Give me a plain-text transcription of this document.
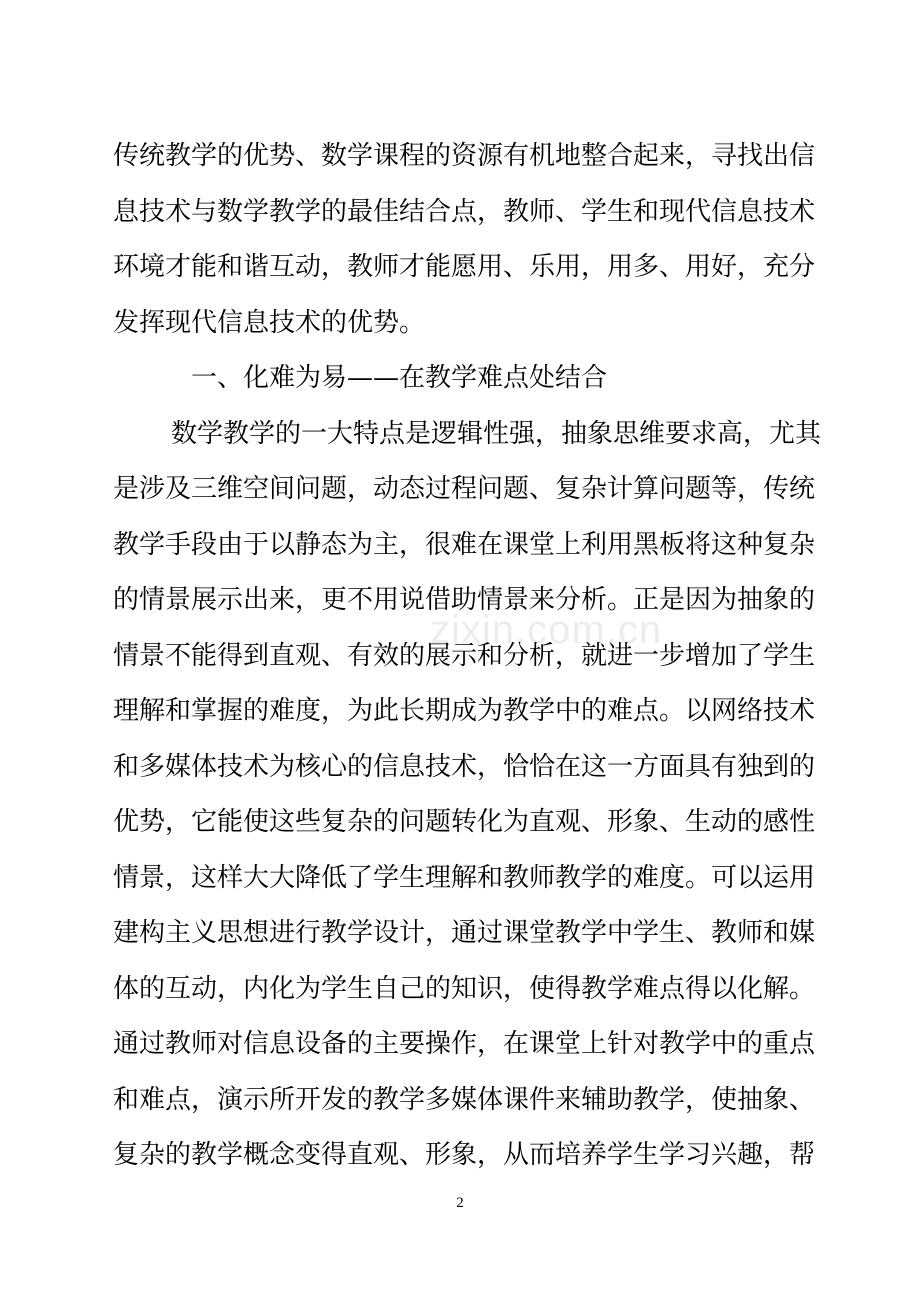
传统教学的优势、数学课程的资源有机地整合起来，寻找出信
息技术与数学教学的最佳结合点，教师、学生和现代信息技术
环境才能和谐互动，教师才能愿用、乐用，用多、用好，充分
发挥现代信息技术的优势。
一、化难为易——在教学难点处结合
数学教学的一大特点是逻辑性强，抽象思维要求高，尤其
是涉及三维空间问题，动态过程问题、复杂计算问题等，传统
教学手段由于以静态为主，很难在课堂上利用黑板将这种复杂
的情景展示出来，更不用说借助情景来分析。正是因为抽象的
情景不能得到直观、有效的展示和分析，就进一步增加了学生
理解和掌握的难度，为此长期成为教学中的难点。以网络技术
和多媒体技术为核心的信息技术，恰恰在这一方面具有独到的
优势，它能使这些复杂的问题转化为直观、形象、生动的感性
情景，这样大大降低了学生理解和教师教学的难度。可以运用
建构主义思想进行教学设计，通过课堂教学中学生、教师和媒
体的互动，内化为学生自己的知识，使得教学难点得以化解。
通过教师对信息设备的主要操作，在课堂上针对教学中的重点
和难点，演示所开发的教学多媒体课件来辅助教学，使抽象、
复杂的教学概念变得直观、形象，从而培养学生学习兴趣，帮
zixin.com.cn
2
